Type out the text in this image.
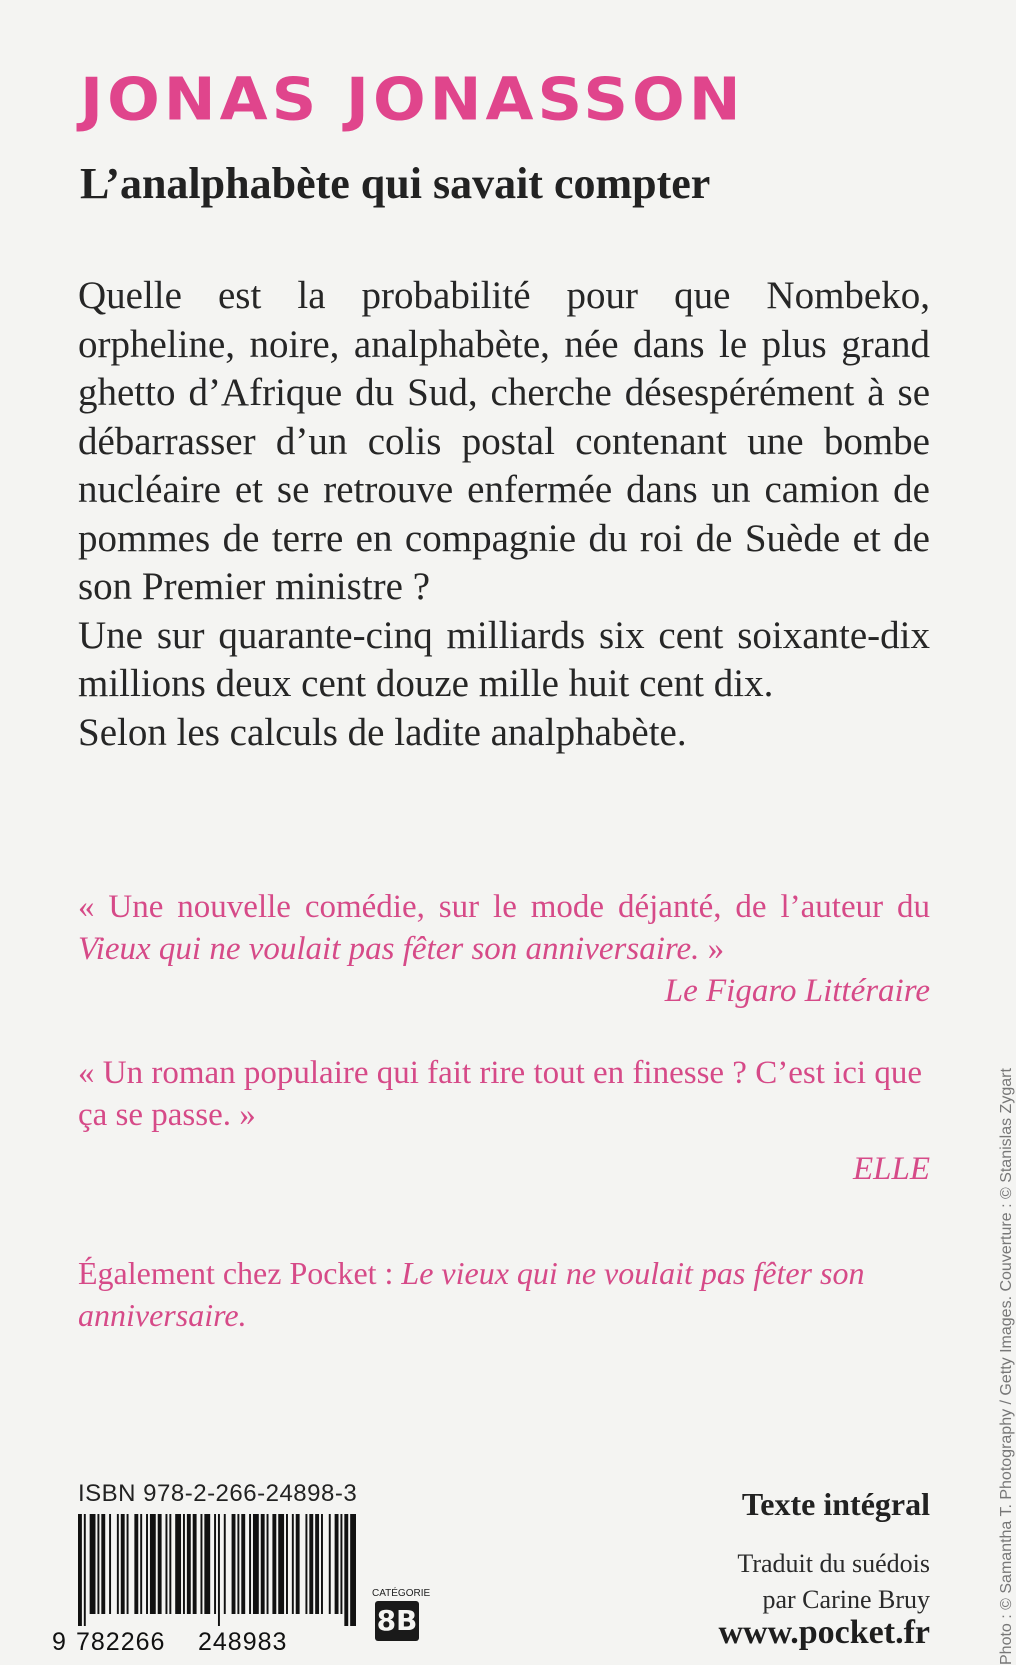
JONAS JONASSON
L’analphabète qui savait compter

Quelle est la probabilité pour que Nombeko, orpheline, noire, analphabète, née dans le plus grand ghetto d’Afrique du Sud, cherche désespérément à se débarrasser d’un colis postal contenant une bombe nucléaire et se retrouve enfermée dans un camion de pommes de terre en compagnie du roi de Suède et de son Premier ministre ?

Une sur quarante-cinq milliards six cent soixante-dix millions deux cent douze mille huit cent dix.

Selon les calculs de ladite analphabète.

« Une nouvelle comédie, sur le mode déjanté, de l’auteur du Vieux qui ne voulait pas fêter son anniversaire. »
Le Figaro Littéraire
« Un roman populaire qui fait rire tout en finesse ? C’est ici que ça se passe. »
ELLE
Également chez Pocket : Le vieux qui ne voulait pas fêter son anniversaire.
ISBN 978-2-266-24898-3
9 782266	248983
CATÉGORIE
8B
Texte intégral
Traduit du suédois
par Carine Bruy
www.pocket.fr	Photo : © Samantha T. Photography / Getty Images. Couverture : © Stanislas Zygart
